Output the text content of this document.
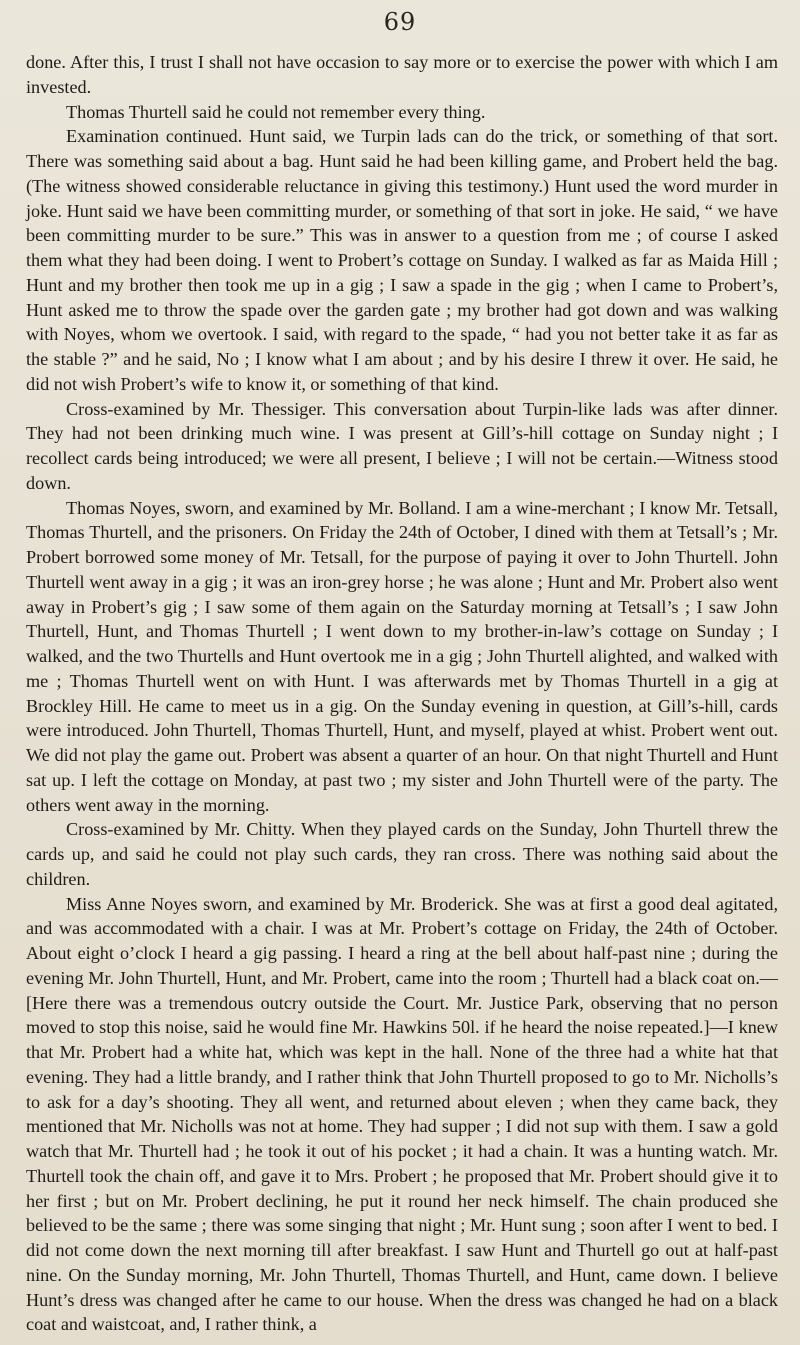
69

done. After this, I trust I shall not have occasion to say more or to exercise the power with which I am invested.

Thomas Thurtell said he could not remember every thing.

Examination continued. Hunt said, we Turpin lads can do the trick, or something of that sort. There was something said about a bag. Hunt said he had been killing game, and Probert held the bag. (The witness showed considerable reluctance in giving this testimony.) Hunt used the word murder in joke. Hunt said we have been committing murder, or something of that sort in joke. He said, “ we have been committing murder to be sure.” This was in answer to a question from me ; of course I asked them what they had been doing. I went to Probert’s cottage on Sunday. I walked as far as Maida Hill ; Hunt and my brother then took me up in a gig ; I saw a spade in the gig ; when I came to Probert’s, Hunt asked me to throw the spade over the garden gate ; my brother had got down and was walking with Noyes, whom we overtook. I said, with regard to the spade, “ had you not better take it as far as the stable ?” and he said, No ; I know what I am about ; and by his desire I threw it over. He said, he did not wish Probert’s wife to know it, or something of that kind.

Cross-examined by Mr. Thessiger. This conversation about Turpin-like lads was after dinner. They had not been drinking much wine. I was present at Gill’s-hill cottage on Sunday night ; I recollect cards being introduced; we were all present, I believe ; I will not be certain.—Witness stood down.

Thomas Noyes, sworn, and examined by Mr. Bolland. I am a wine-merchant ; I know Mr. Tetsall, Thomas Thurtell, and the prisoners. On Friday the 24th of October, I dined with them at Tetsall’s ; Mr. Probert borrowed some money of Mr. Tetsall, for the purpose of paying it over to John Thurtell. John Thurtell went away in a gig ; it was an iron-grey horse ; he was alone ; Hunt and Mr. Probert also went away in Probert’s gig ; I saw some of them again on the Saturday morning at Tetsall’s ; I saw John Thurtell, Hunt, and Thomas Thurtell ; I went down to my brother-in-law’s cottage on Sunday ; I walked, and the two Thurtells and Hunt overtook me in a gig ; John Thurtell alighted, and walked with me ; Thomas Thurtell went on with Hunt. I was afterwards met by Thomas Thurtell in a gig at Brockley Hill. He came to meet us in a gig. On the Sunday evening in question, at Gill’s-hill, cards were introduced. John Thurtell, Thomas Thurtell, Hunt, and myself, played at whist. Probert went out. We did not play the game out. Probert was absent a quarter of an hour. On that night Thurtell and Hunt sat up. I left the cottage on Monday, at past two ; my sister and John Thurtell were of the party. The others went away in the morning.

Cross-examined by Mr. Chitty. When they played cards on the Sunday, John Thurtell threw the cards up, and said he could not play such cards, they ran cross. There was nothing said about the children.

Miss Anne Noyes sworn, and examined by Mr. Broderick. She was at first a good deal agitated, and was accommodated with a chair. I was at Mr. Probert’s cottage on Friday, the 24th of October. About eight o’clock I heard a gig passing. I heard a ring at the bell about half-past nine ; during the evening Mr. John Thurtell, Hunt, and Mr. Probert, came into the room ; Thurtell had a black coat on.—[Here there was a tremendous outcry outside the Court. Mr. Justice Park, observing that no person moved to stop this noise, said he would fine Mr. Hawkins 50l. if he heard the noise repeated.]—I knew that Mr. Probert had a white hat, which was kept in the hall. None of the three had a white hat that evening. They had a little brandy, and I rather think that John Thurtell proposed to go to Mr. Nicholls’s to ask for a day’s shooting. They all went, and returned about eleven ; when they came back, they mentioned that Mr. Nicholls was not at home. They had supper ; I did not sup with them. I saw a gold watch that Mr. Thurtell had ; he took it out of his pocket ; it had a chain. It was a hunting watch. Mr. Thurtell took the chain off, and gave it to Mrs. Probert ; he proposed that Mr. Probert should give it to her first ; but on Mr. Probert declining, he put it round her neck himself. The chain produced she believed to be the same ; there was some singing that night ; Mr. Hunt sung ; soon after I went to bed. I did not come down the next morning till after breakfast. I saw Hunt and Thurtell go out at half-past nine. On the Sunday morning, Mr. John Thurtell, Thomas Thurtell, and Hunt, came down. I believe Hunt’s dress was changed after he came to our house. When the dress was changed he had on a black coat and waistcoat, and, I rather think, a
